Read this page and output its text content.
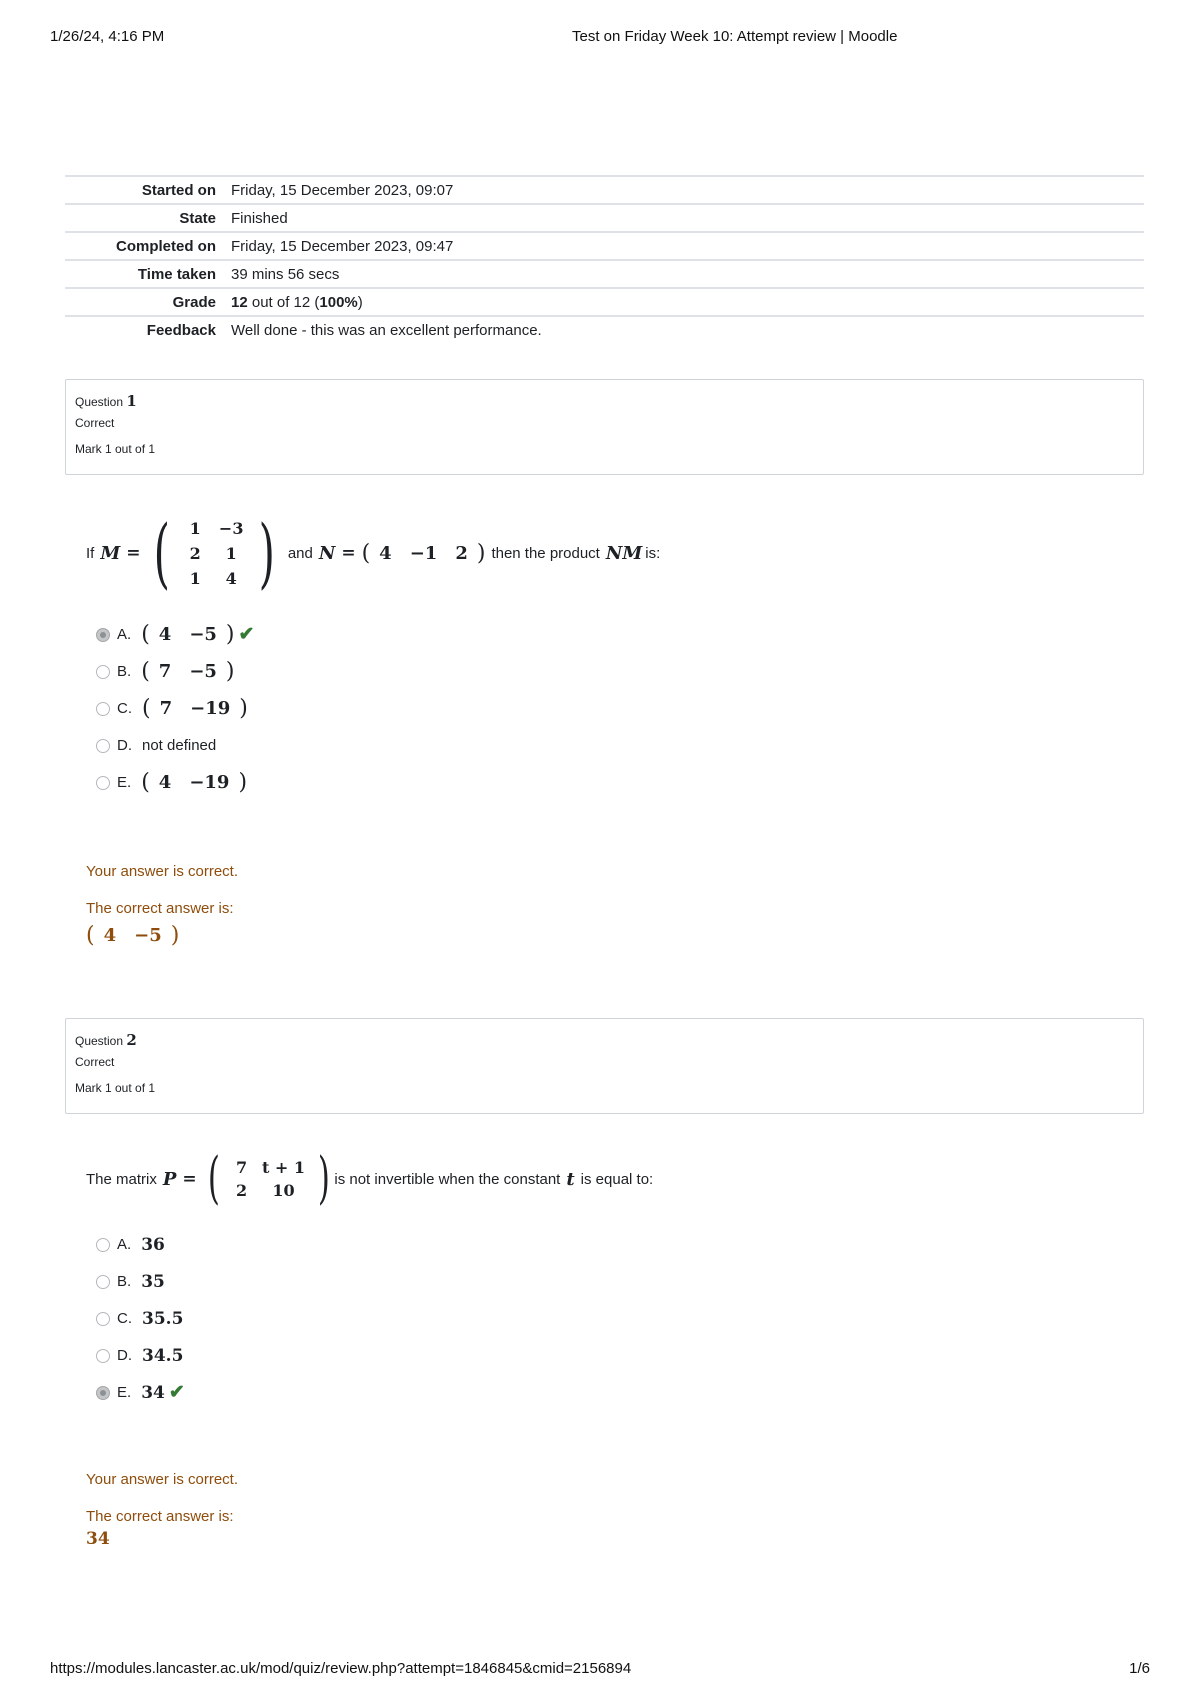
1/26/24, 4:16 PM	Test on Friday Week 10: Attempt review | Moodle
Started on	Friday, 15 December 2023, 09:07
State	Finished
Completed on	Friday, 15 December 2023, 09:47
Time taken	39 mins 56 secs
Grade	12 out of 12 (100%)
Feedback	Well done - this was an excellent performance.
Question 1
Correct
Mark 1 out of 1
If M = (	1	−3
2	1
1	4 ) and N = ( 4 −1 2 ) then the product NM is:
A. ( 4 −5 ) ✔
B. ( 7 −5 )
C. ( 7 −19 )
D. not defined
E. ( 4 −19 )
Your answer is correct.
The correct answer is:
( 4 −5 )
Question 2
Correct
Mark 1 out of 1
The matrix P = (	7 t + 1
2	10 ) is not invertible when the constant t is equal to:
A. 36
B. 35
C. 35.5
D. 34.5
E. 34 ✔
Your answer is correct.
The correct answer is:
34
https://modules.lancaster.ac.uk/mod/quiz/review.php?attempt=1846845&cmid=2156894	1/6
